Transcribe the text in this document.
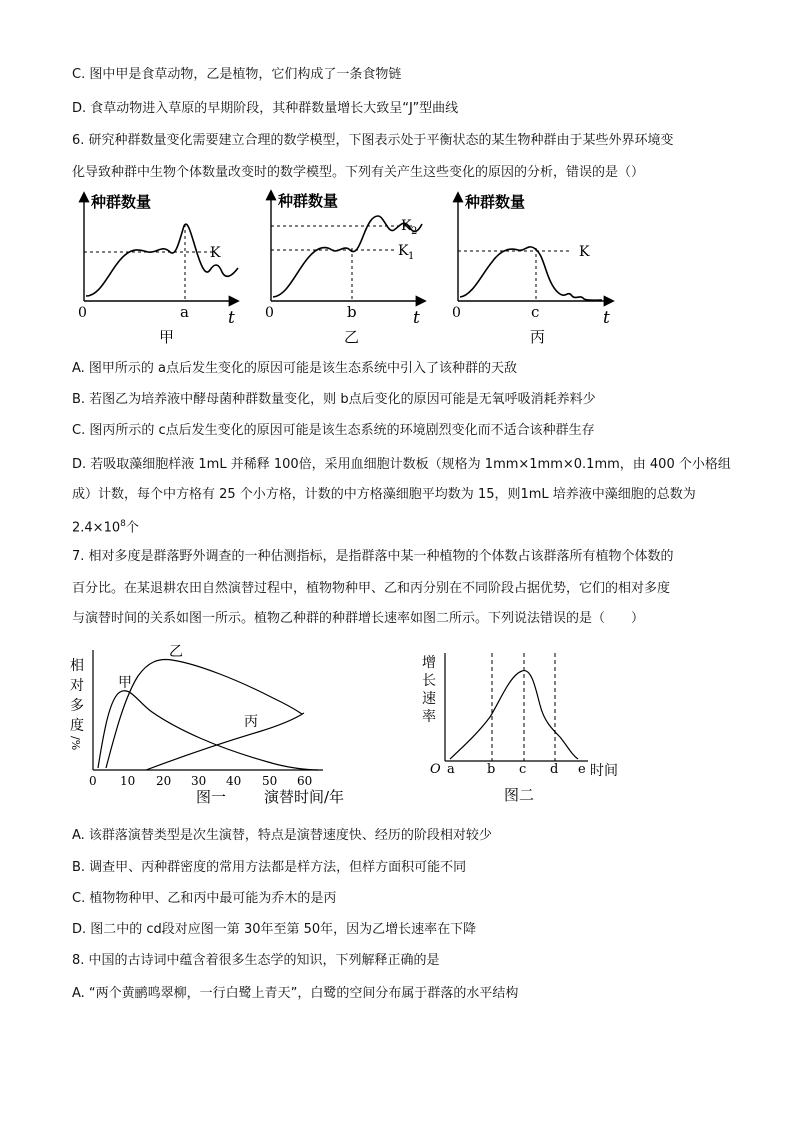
C. 图中甲是食草动物，乙是植物，它们构成了一条食物链
D. 食草动物进入草原的早期阶段，其种群数量增长大致呈“J”型曲线
6. 研究种群数量变化需要建立合理的数学模型，下图表示处于平衡状态的某生物种群由于某些外界环境变
化导致种群中生物个体数量改变时的数学模型。下列有关产生这些变化的原因的分析，错误的是（）
种群数量
K
0	a t
甲
种群数量
K 2
K 1
0	b	t
乙
种群数量
K
0	c	t
丙
A. 图甲所示的 a点后发生变化的原因可能是该生态系统中引入了该种群的天敌
B. 若图乙为培养液中酵母菌种群数量变化，则 b点后变化的原因可能是无氧呼吸消耗养料少
C. 图丙所示的 c点后发生变化的原因可能是该生态系统的环境剧烈变化而不适合该种群生存
D. 若吸取藻细胞样液 1mL 并稀释 100倍，采用血细胞计数板（规格为 1mm×1mm×0.1mm，由 400 个小格组
成）计数，每个中方格有 25 个小方格，计数的中方格藻细胞平均数为 15，则1mL 培养液中藻细胞的总数为
$2.4\times 10^8$个
7. 相对多度是群落野外调查的一种估测指标，是指群落中某一种植物的个体数占该群落所有植物个体数的
百分比。在某退耕农田自然演替过程中，植物物种甲、乙和丙分别在不同阶段占据优势，它们的相对多度
与演替时间的关系如图一所示。植物乙种群的种群增长速率如图二所示。下列说法错误的是（　　）
相
对
多
度
/%
甲
乙
丙
0 10 20 30 40 50 60
图一	演替时间/年
增
长
速
率
O a b c d e 时间
图二
A. 该群落演替类型是次生演替，特点是演替速度快、经历的阶段相对较少
B. 调查甲、丙种群密度的常用方法都是样方法，但样方面积可能不同
C. 植物物种甲、乙和丙中最可能为乔木的是丙
D. 图二中的 cd段对应图一第 30年至第 50年，因为乙增长速率在下降
8. 中国的古诗词中蕴含着很多生态学的知识，下列解释正确的是
A. “两个黄鹂鸣翠柳，一行白鹭上青天”，白鹭的空间分布属于群落的水平结构
